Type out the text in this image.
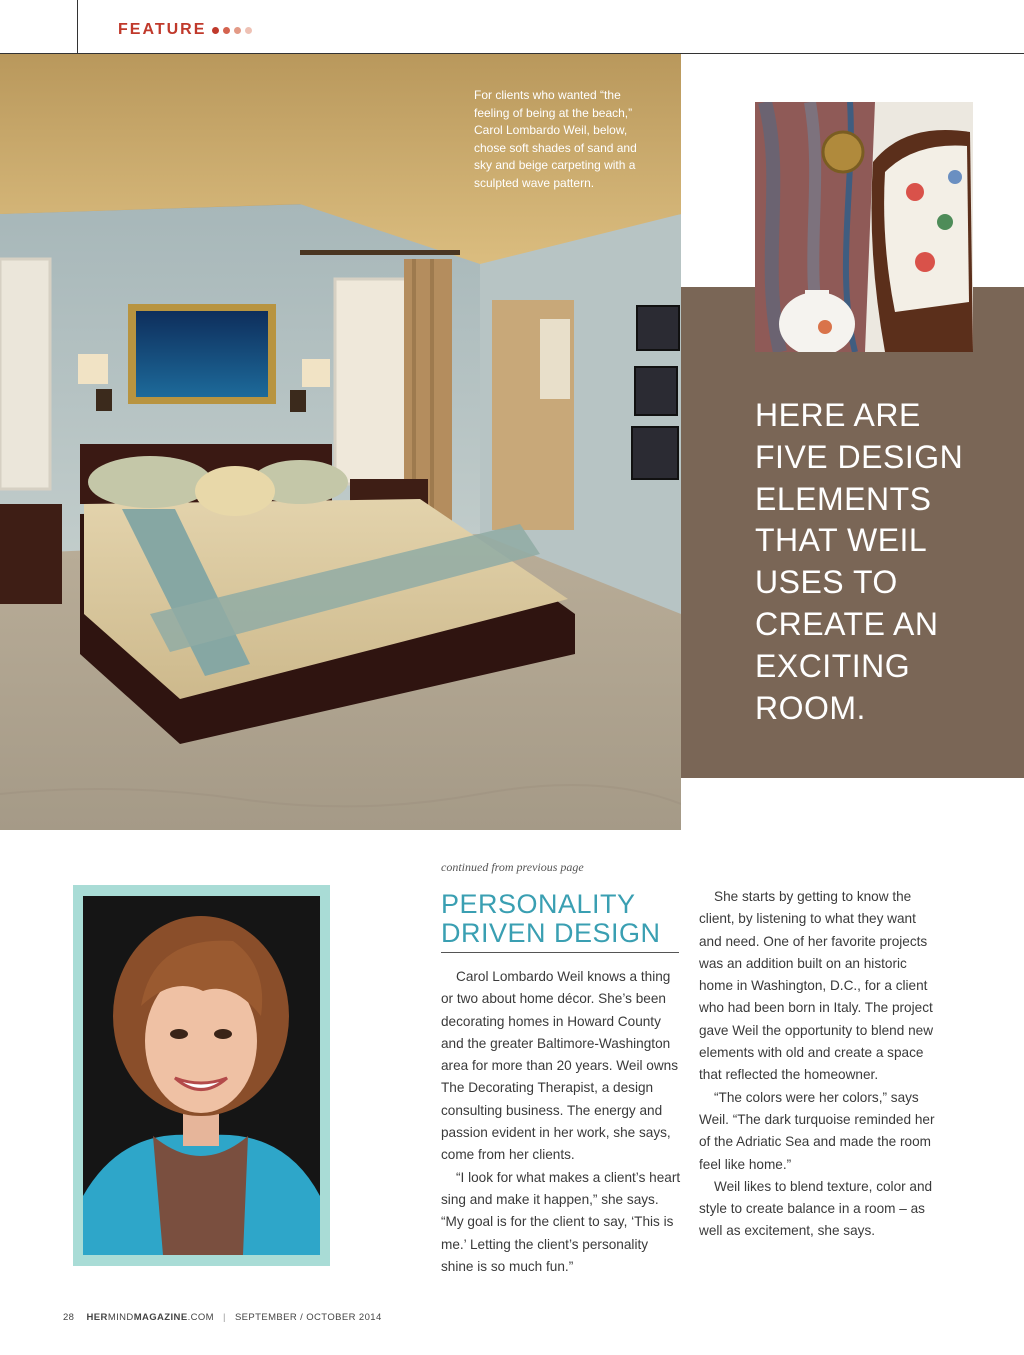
FEATURE
For clients who wanted “the feeling of being at the beach,” Carol Lombardo Weil, below, chose soft shades of sand and sky and beige carpeting with a sculpted wave pattern.
HERE ARE
FIVE DESIGN
ELEMENTS
THAT WEIL
USES TO
CREATE AN
EXCITING
ROOM.
continued from previous page
PERSONALITY
DRIVEN DESIGN

Carol Lombardo Weil knows a thing or two about home décor. She’s been decorating homes in Howard County and the greater Baltimore-Washington area for more than 20 years. Weil owns The Decorating Therapist, a design consulting business. The energy and passion evident in her work, she says, come from her clients.

“I look for what makes a client’s heart sing and make it happen,” she says. “My goal is for the client to say, ‘This is me.’ Letting the client’s personality shine is so much fun.”

She starts by getting to know the client, by listening to what they want and need. One of her favorite projects was an addition built on an historic home in Washington, D.C., for a client who had been born in Italy. The project gave Weil the opportunity to blend new elements with old and create a space that reflected the homeowner.

“The colors were her colors,” says Weil. “The dark turquoise reminded her of the Adriatic Sea and made the room feel like home.”

Weil likes to blend texture, color and style to create balance in a room – as well as excitement, she says.

28 HERMINDMAGAZINE.COM | SEPTEMBER / OCTOBER 2014
